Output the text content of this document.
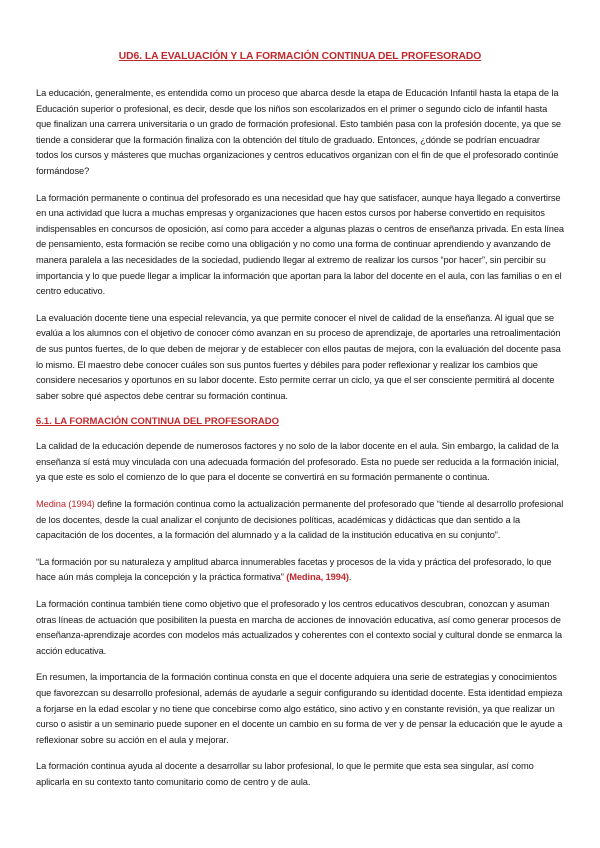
UD6. LA EVALUACIÓN Y LA FORMACIÓN CONTINUA DEL PROFESORADO

La educación, generalmente, es entendida como un proceso que abarca desde la etapa de Educación Infantil hasta la etapa de la Educación superior o profesional, es decir, desde que los niños son escolarizados en el primer o segundo ciclo de infantil hasta que finalizan una carrera universitaria o un grado de formación profesional. Esto también pasa con la profesión docente, ya que se tiende a considerar que la formación finaliza con la obtención del título de graduado. Entonces, ¿dónde se podrían encuadrar todos los cursos y másteres que muchas organizaciones y centros educativos organizan con el fin de que el profesorado continúe formándose?

La formación permanente o continua del profesorado es una necesidad que hay que satisfacer, aunque haya llegado a convertirse en una actividad que lucra a muchas empresas y organizaciones que hacen estos cursos por haberse convertido en requisitos indispensables en concursos de oposición, así como para acceder a algunas plazas o centros de enseñanza privada. En esta línea de pensamiento, esta formación se recibe como una obligación y no como una forma de continuar aprendiendo y avanzando de manera paralela a las necesidades de la sociedad, pudiendo llegar al extremo de realizar los cursos “por hacer”, sin percibir su importancia y lo que puede llegar a implicar la información que aportan para la labor del docente en el aula, con las familias o en el centro educativo.

La evaluación docente tiene una especial relevancia, ya que permite conocer el nivel de calidad de la enseñanza. Al igual que se evalúa a los alumnos con el objetivo de conocer cómo avanzan en su proceso de aprendizaje, de aportarles una retroalimentación de sus puntos fuertes, de lo que deben de mejorar y de establecer con ellos pautas de mejora, con la evaluación del docente pasa lo mismo. El maestro debe conocer cuáles son sus puntos fuertes y débiles para poder reflexionar y realizar los cambios que considere necesarios y oportunos en su labor docente. Esto permite cerrar un ciclo, ya que el ser consciente permitirá al docente saber sobre qué aspectos debe centrar su formación continua.

6.1. LA FORMACIÓN CONTINUA DEL PROFESORADO

La calidad de la educación depende de numerosos factores y no solo de la labor docente en el aula. Sin embargo, la calidad de la enseñanza sí está muy vinculada con una adecuada formación del profesorado. Esta no puede ser reducida a la formación inicial, ya que este es solo el comienzo de lo que para el docente se convertirá en su formación permanente o continua.

Medina (1994) define la formación continua como la actualización permanente del profesorado que “tiende al desarrollo profesional de los docentes, desde la cual analizar el conjunto de decisiones políticas, académicas y didácticas que dan sentido a la capacitación de los docentes, a la formación del alumnado y a la calidad de la institución educativa en su conjunto”.

“La formación por su naturaleza y amplitud abarca innumerables facetas y procesos de la vida y práctica del profesorado, lo que hace aún más compleja la concepción y la práctica formativa” (Medina, 1994).

La formación continua también tiene como objetivo que el profesorado y los centros educativos descubran, conozcan y asuman otras líneas de actuación que posibiliten la puesta en marcha de acciones de innovación educativa, así como generar procesos de enseñanza-aprendizaje acordes con modelos más actualizados y coherentes con el contexto social y cultural donde se enmarca la acción educativa.

En resumen, la importancia de la formación continua consta en que el docente adquiera una serie de estrategias y conocimientos que favorezcan su desarrollo profesional, además de ayudarle a seguir configurando su identidad docente. Esta identidad empieza a forjarse en la edad escolar y no tiene que concebirse como algo estático, sino activo y en constante revisión, ya que realizar un curso o asistir a un seminario puede suponer en el docente un cambio en su forma de ver y de pensar la educación que le ayude a reflexionar sobre su acción en el aula y mejorar.

La formación continua ayuda al docente a desarrollar su labor profesional, lo que le permite que esta sea singular, así como aplicarla en su contexto tanto comunitario como de centro y de aula.
